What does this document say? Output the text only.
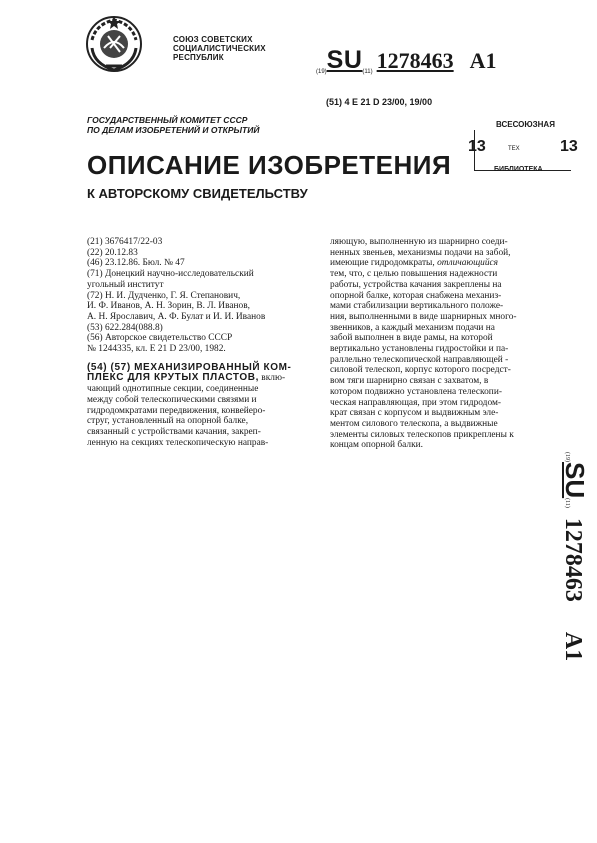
СОЮЗ СОВЕТСКИХ
СОЦИАЛИСТИЧЕСКИХ
РЕСПУБЛИК
(19)SU(11) 1278463 A1
(51) 4 E 21 D 23/00, 19/00
ГОСУДАРСТВЕННЫЙ КОМИТЕТ СССР
ПО ДЕЛАМ ИЗОБРЕТЕНИЙ И ОТКРЫТИЙ
ВСЕСОЮЗНАЯ
13	ТЕХ	13
БИБЛИОТЕКА
ОПИСАНИЕ ИЗОБРЕТЕНИЯ
К АВТОРСКОМУ СВИДЕТЕЛЬСТВУ
(21) 3676417/22-03
(22) 20.12.83
(46) 23.12.86. Бюл. № 47
(71) Донецкий научно-исследовательский
угольный институт
(72) Н. И. Дудченко, Г. Я. Степанович,
И. Ф. Иванов, А. Н. Зорин, В. Л. Иванов,
А. Н. Ярославич, А. Ф. Булат и И. И. Иванов
(53) 622.284(088.8)
(56) Авторское свидетельство СССР
№ 1244335, кл. Е 21 D 23/00, 1982.
(54) (57) МЕХАНИЗИРОВАННЫЙ КОМ-
ПЛЕКС ДЛЯ КРУТЫХ ПЛАСТОВ, вклю-
чающий однотипные секции, соединенные
между собой телескопическими связями и
гидродомкратами передвижения, конвейеро-
струг, установленный на опорной балке,
связанный с устройствами качания, закреп-
ленную на секциях телескопическую направ-
ляющую, выполненную из шарнирно соеди-
ненных звеньев, механизмы подачи на забой,
имеющие гидродомкраты, отличающийся
тем, что, с целью повышения надежности
работы, устройства качания закреплены на
опорной балке, которая снабжена механиз-
мами стабилизации вертикального положе-
ния, выполненными в виде шарнирных много-
звенников, а каждый механизм подачи на
забой выполнен в виде рамы, на которой
вертикально установлены гидростойки и па-
раллельно телескопической направляющей -
силовой телескоп, корпус которого посредст-
вом тяги шарнирно связан с захватом, в
котором подвижно установлена телескопи-
ческая направляющая, при этом гидродом-
крат связан с корпусом и выдвижным эле-
ментом силового телескопа, а выдвижные
элементы силовых телескопов прикреплены к
концам опорной балки.
(19)SU(11)1278463A1
